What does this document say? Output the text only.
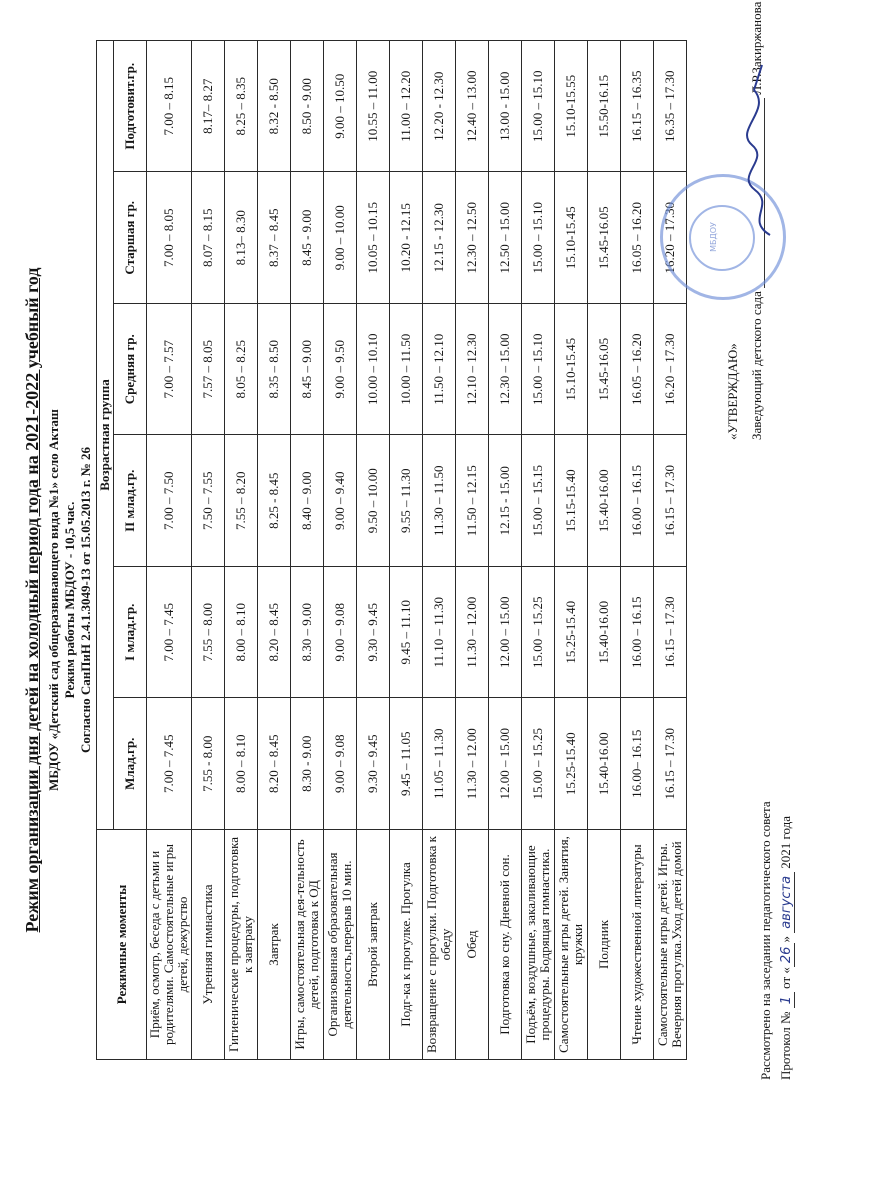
Режим организации дня детей на холодный период года на 2021-2022 учебный год МБДОУ «Детский сад общеразвивающего вида №1» село Акташ Режим работы МБДОУ - 10,5 час. Согласно СанПиН 2.4.1.3049-13 от 15.05.2013 г. № 26
Режимные моменты	Возрастная группа					
	Млад.гр.	I млад.гр.	II млад.гр.	Средняя гр.	Старшая гр.	Подготовит.гр.
Приём, осмотр, беседа с детьми и родителями. Самостоятельные игры детей, дежурство	7.00 – 7.45	7.00 – 7.45	7.00 – 7.50	7.00 – 7.57	7.00 – 8.05	7.00 – 8.15
Утренняя гимнастика	7.55 - 8.00	7.55 – 8.00	7.50 – 7.55	7.57 – 8.05	8.07 – 8.15	8.17– 8.27
Гигиенические процедуры, подготовка к завтраку	8.00 – 8.10	8.00 – 8.10	7.55 – 8.20	8.05 – 8.25	8.13– 8.30	8.25 – 8.35
Завтрак	8.20 – 8.45	8.20 – 8.45	8.25 - 8.45	8.35 – 8.50	8.37 – 8.45	8.32 - 8.50
Игры, самостоятельная дея-тельность детей, подготовка к ОД	8.30 - 9.00	8.30 – 9.00	8.40 – 9.00	8.45 – 9.00	8.45 - 9.00	8.50 - 9.00
Организованная образовательная деятельность,перерыв 10 мин.	9.00 – 9.08	9.00 – 9.08	9.00 – 9.40	9.00 – 9.50	9.00 – 10.00	9.00 – 10.50
Второй завтрак	9.30 – 9.45	9.30 – 9.45	9.50 – 10.00	10.00 – 10.10	10.05 – 10.15	10.55 – 11.00
Подг-ка к прогулке. Прогулка	9.45 – 11.05	9.45 – 11.10	9.55 – 11.30	10.00 – 11.50	10.20 - 12.15	11.00 – 12.20
Возвращение с прогулки. Подготовка к обеду	11.05 – 11.30	11.10 – 11.30	11.30 – 11.50	11.50 – 12.10	12.15 - 12.30	12.20 - 12.30
Обед	11.30 – 12.00	11.30 – 12.00	11.50 – 12.15	12.10 – 12.30	12.30 – 12.50	12.40 – 13.00
Подготовка ко сну. Дневной сон.	12.00 – 15.00	12.00 – 15.00	12.15 - 15.00	12.30 – 15.00	12.50 – 15.00	13.00 - 15.00
Подъём, воздушные, закаливающие процедуры. Бодрящая гимнастика.	15.00 – 15.25	15.00 – 15.25	15.00 – 15.15	15.00 – 15.10	15.00 – 15.10	15.00 – 15.10
Самостоятельные игры детей. Занятия, кружки	15.25-15.40	15.25-15.40	15.15-15.40	15.10-15.45	15.10-15.45	15.10-15.55
Полдник	15.40-16.00	15.40-16.00	15.40-16.00	15.45-16.05	15.45-16.05	15.50-16.15
Чтение художественной литературы	16.00– 16.15	16.00 – 16.15	16.00 – 16.15	16.05 – 16.20	16.05 – 16.20	16.15 – 16.35
Самостоятельные игры детей. Игры. Вечерняя прогулка.Уход детей домой	16.15 – 17.30	16.15 – 17.30	16.15 – 17.30	16.20 – 17.30	16.20 – 17.30	16.35 – 17.30
«УТВЕРЖДАЮ» Заведующий детского сада   Л.Р.Закиржанова
МБДОУ
Рассмотрено на заседании педагогического совета Протокол № 1 от «26» августа 2021 года
